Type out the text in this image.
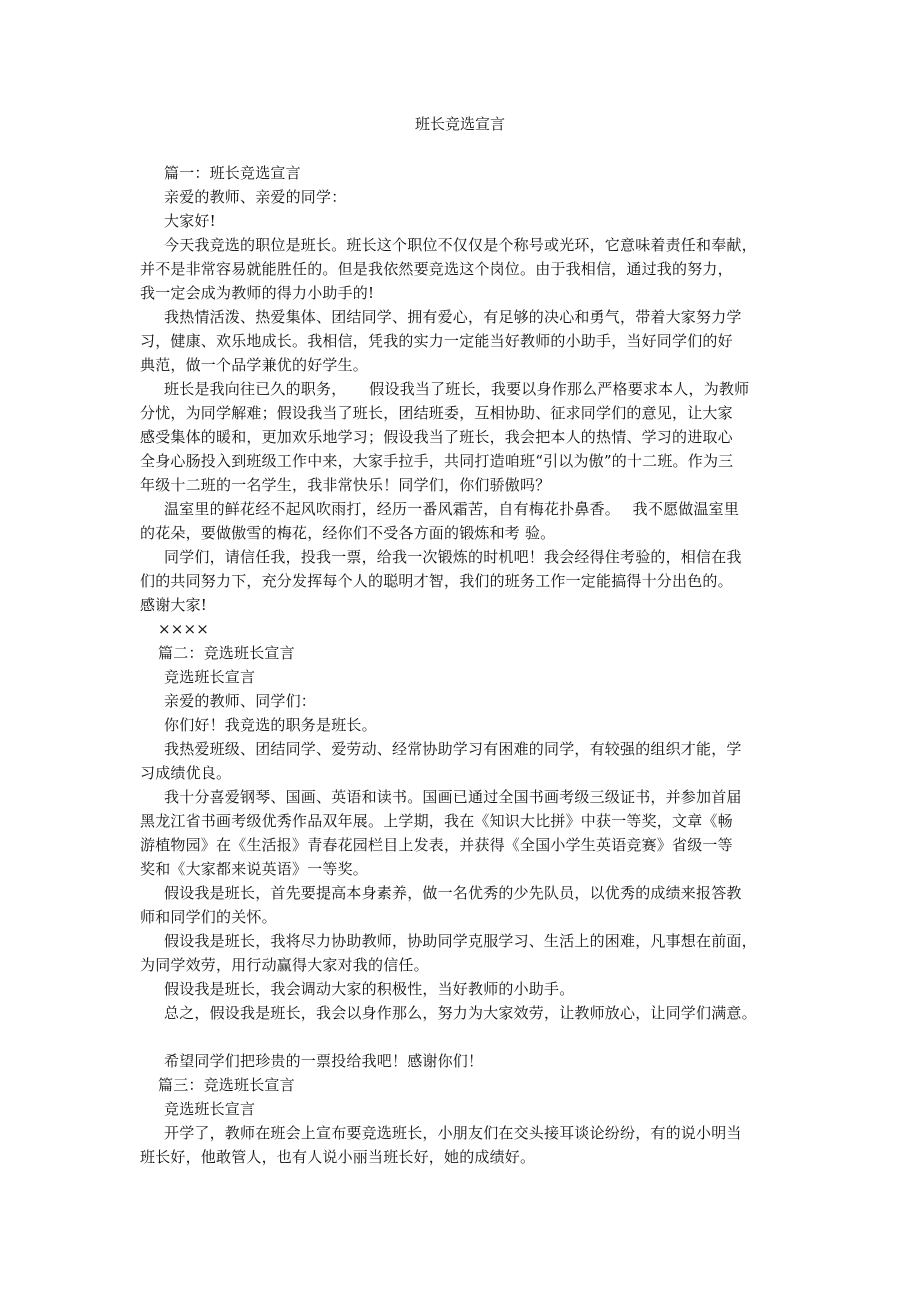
班长竞选宣言
篇一：班长竞选宣言
亲爱的教师、亲爱的同学：
大家好!
今天我竞选的职位是班长。班长这个职位不仅仅是个称号或光环，它意味着责任和奉献，
并不是非常容易就能胜任的。但是我依然要竞选这个岗位。由于我相信，通过我的努力，
我一定会成为教师的得力小助手的!
我热情活泼、热爱集体、团结同学、拥有爱心，有足够的决心和勇气，带着大家努力学
习，健康、欢乐地成长。我相信，凭我的实力一定能当好教师的小助手，当好同学们的好
典范，做一个品学兼优的好学生。
班长是我向往已久的职务，　　假设我当了班长，我要以身作那么严格要求本人，为教师
分忧，为同学解难；假设我当了班长，团结班委，互相协助、征求同学们的意见，让大家
感受集体的暖和，更加欢乐地学习；假设我当了班长，我会把本人的热情、学习的进取心
全身心肠投入到班级工作中来，大家手拉手，共同打造咱班“引以为傲”的十二班。作为三
年级十二班的一名学生，我非常快乐！同学们，你们骄傲吗？
温室里的鲜花经不起风吹雨打，经历一番风霜苦，自有梅花扑鼻香。　 我不愿做温室里
的花朵，要做傲雪的梅花，经你们不受各方面的锻炼和考 验。
同学们，请信任我，投我一票，给我一次锻炼的时机吧！我会经得住考验的，相信在我
们的共同努力下，充分发挥每个人的聪明才智，我们的班务工作一定能搞得十分出色的。
感谢大家!
××××
篇二：竞选班长宣言
竞选班长宣言
亲爱的教师、同学们：
你们好！我竞选的职务是班长。
我热爱班级、团结同学、爱劳动、经常协助学习有困难的同学，有较强的组织才能，学
习成绩优良。
我十分喜爱钢琴、国画、英语和读书。国画已通过全国书画考级三级证书，并参加首届
黑龙江省书画考级优秀作品双年展。上学期，我在《知识大比拼》中获一等奖，文章《畅
游植物园》在《生活报》青春花园栏目上发表，并获得《全国小学生英语竞赛》省级一等
奖和《大家都来说英语》一等奖。
假设我是班长，首先要提高本身素养，做一名优秀的少先队员，以优秀的成绩来报答教
师和同学们的关怀。
假设我是班长，我将尽力协助教师，协助同学克服学习、生活上的困难，凡事想在前面，
为同学效劳，用行动赢得大家对我的信任。
假设我是班长，我会调动大家的积极性，当好教师的小助手。
总之，假设我是班长，我会以身作那么，努力为大家效劳，让教师放心，让同学们满意。
希望同学们把珍贵的一票投给我吧！感谢你们！
篇三：竞选班长宣言
竞选班长宣言
开学了，教师在班会上宣布要竞选班长，小朋友们在交头接耳谈论纷纷，有的说小明当
班长好，他敢管人，也有人说小丽当班长好，她的成绩好。
